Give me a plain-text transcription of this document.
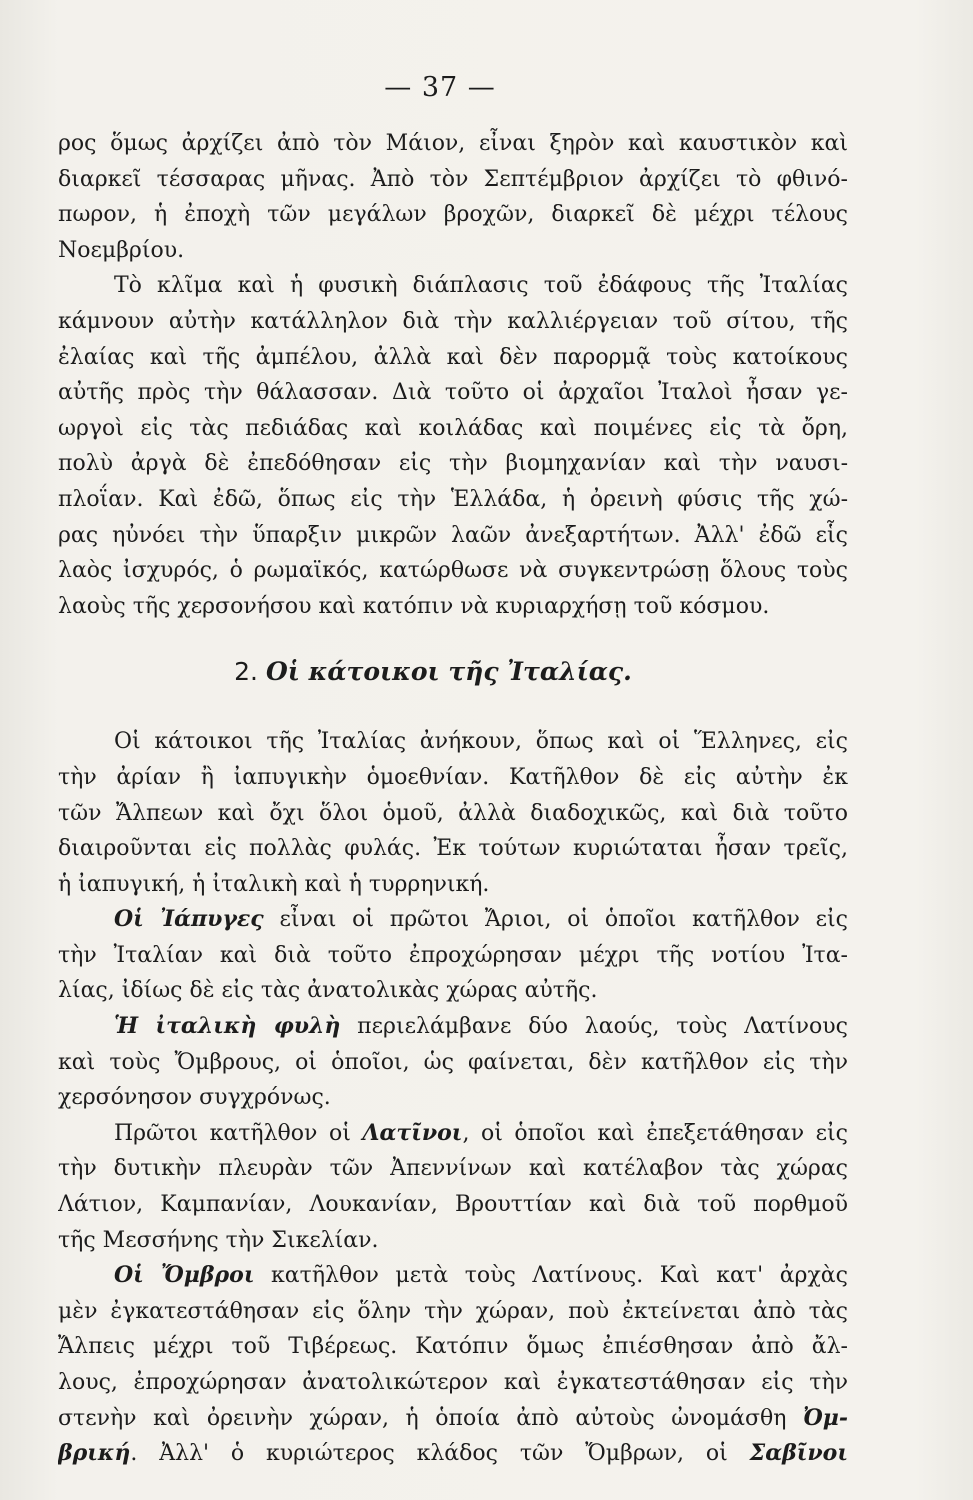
— 37 —
ρος ὅμως ἀρχίζει ἀπὸ τὸν Μάιον, εἶναι ξηρὸν καὶ καυστικὸν καὶ
διαρκεῖ τέσσαρας μῆνας. Ἀπὸ τὸν Σεπτέμβριον ἀρχίζει τὸ φθινό-
πωρον, ἡ ἐποχὴ τῶν μεγάλων βροχῶν, διαρκεῖ δὲ μέχρι τέλους
Νοεμβρίου.
Τὸ κλῖμα καὶ ἡ φυσικὴ διάπλασις τοῦ ἐδάφους τῆς Ἰταλίας
κάμνουν αὐτὴν κατάλληλον διὰ τὴν καλλιέργειαν τοῦ σίτου, τῆς
ἐλαίας καὶ τῆς ἀμπέλου, ἀλλὰ καὶ δὲν παρορμᾷ τοὺς κατοίκους
αὐτῆς πρὸς τὴν θάλασσαν. Διὰ τοῦτο οἱ ἀρχαῖοι Ἰταλοὶ ἦσαν γε-
ωργοὶ εἰς τὰς πεδιάδας καὶ κοιλάδας καὶ ποιμένες εἰς τὰ ὄρη,
πολὺ ἀργὰ δὲ ἐπεδόθησαν εἰς τὴν βιομηχανίαν καὶ τὴν ναυσι-
πλοΐαν. Καὶ ἐδῶ, ὅπως εἰς τὴν Ἑλλάδα, ἡ ὀρεινὴ φύσις τῆς χώ-
ρας ηὐνόει τὴν ὕπαρξιν μικρῶν λαῶν ἀνεξαρτήτων. Ἀλλ' ἐδῶ εἷς
λαὸς ἰσχυρός, ὁ ρωμαϊκός, κατώρθωσε νὰ συγκεντρώσῃ ὅλους τοὺς
λαοὺς τῆς χερσονήσου καὶ κατόπιν νὰ κυριαρχήσῃ τοῦ κόσμου.
2. Οἱ κάτοικοι τῆς Ἰταλίας.
Οἱ κάτοικοι τῆς Ἰταλίας ἀνήκουν, ὅπως καὶ οἱ Ἕλληνες, εἰς
τὴν ἀρίαν ἢ ἰαπυγικὴν ὁμοεθνίαν. Κατῆλθον δὲ εἰς αὐτὴν ἐκ
τῶν Ἄλπεων καὶ ὄχι ὅλοι ὁμοῦ, ἀλλὰ διαδοχικῶς, καὶ διὰ τοῦτο
διαιροῦνται εἰς πολλὰς φυλάς. Ἐκ τούτων κυριώταται ἦσαν τρεῖς,
ἡ ἰαπυγική, ἡ ἰταλικὴ καὶ ἡ τυρρηνική.
Οἱ Ἰάπυγες εἶναι οἱ πρῶτοι Ἄριοι, οἱ ὁποῖοι κατῆλθον εἰς
τὴν Ἰταλίαν καὶ διὰ τοῦτο ἐπροχώρησαν μέχρι τῆς νοτίου Ἰτα-
λίας, ἰδίως δὲ εἰς τὰς ἀνατολικὰς χώρας αὐτῆς.
Ἡ ἰταλικὴ φυλὴ περιελάμβανε δύο λαούς, τοὺς Λατίνους
καὶ τοὺς Ὄμβρους, οἱ ὁποῖοι, ὡς φαίνεται, δὲν κατῆλθον εἰς τὴν
χερσόνησον συγχρόνως.
Πρῶτοι κατῆλθον οἱ Λατῖνοι, οἱ ὁποῖοι καὶ ἐπεξετάθησαν εἰς
τὴν δυτικὴν πλευρὰν τῶν Ἀπεννίνων καὶ κατέλαβον τὰς χώρας
Λάτιον, Καμπανίαν, Λουκανίαν, Βρουττίαν καὶ διὰ τοῦ πορθμοῦ
τῆς Μεσσήνης τὴν Σικελίαν.
Οἱ Ὄμβροι κατῆλθον μετὰ τοὺς Λατίνους. Καὶ κατ' ἀρχὰς
μὲν ἐγκατεστάθησαν εἰς ὅλην τὴν χώραν, ποὺ ἐκτείνεται ἀπὸ τὰς
Ἄλπεις μέχρι τοῦ Τιβέρεως. Κατόπιν ὅμως ἐπιέσθησαν ἀπὸ ἄλ-
λους, ἐπροχώρησαν ἀνατολικώτερον καὶ ἐγκατεστάθησαν εἰς τὴν
στενὴν καὶ ὀρεινὴν χώραν, ἡ ὁποία ἀπὸ αὐτοὺς ὠνομάσθη Ὀμ-
βρική. Ἀλλ' ὁ κυριώτερος κλάδος τῶν Ὄμβρων, οἱ Σαβῖνοι
